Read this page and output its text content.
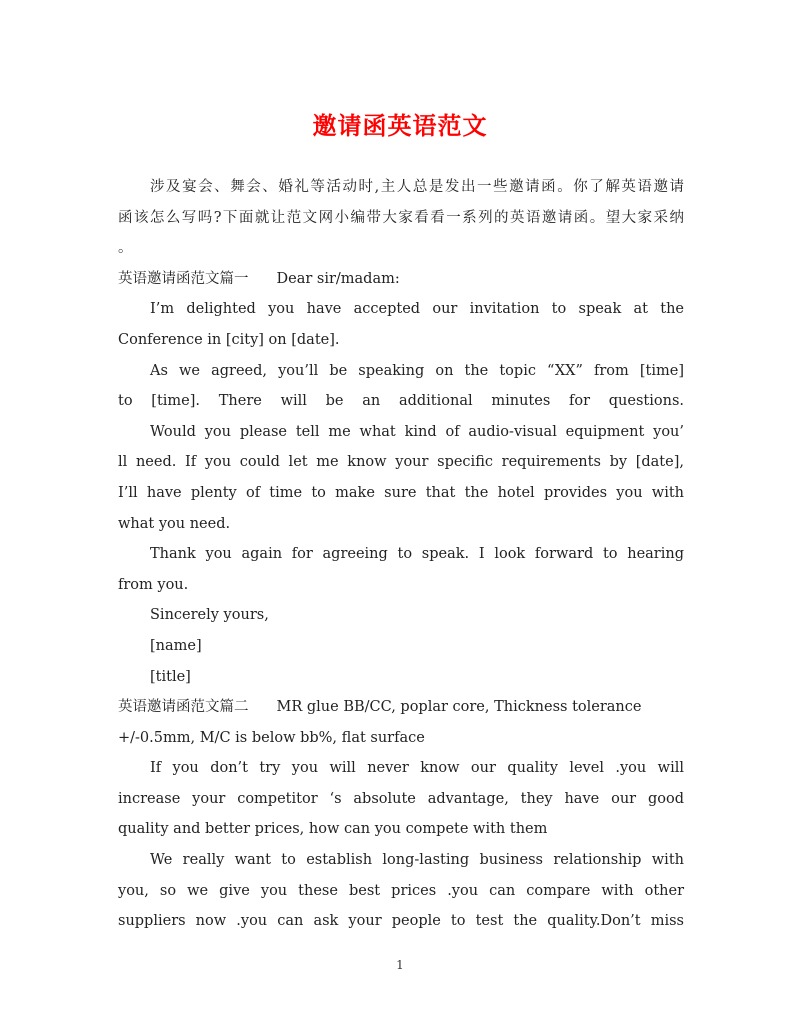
邀请函英语范文
涉及宴会、舞会、婚礼等活动时,主人总是发出一些邀请函。你了解英语邀请
函该怎么写吗?下面就让范文网小编带大家看看一系列的英语邀请函。望大家采纳
。
英语邀请函范文篇一 Dear sir/madam:
I’m delighted you have accepted our invitation to speak at the
Conference in [city] on [date].
As we agreed, you’ll be speaking on the topic “XX” from [time]
to [time]. There will be an additional minutes for questions.
Would you please tell me what kind of audio-visual equipment you’
ll need. If you could let me know your specific requirements by [date],
I’ll have plenty of time to make sure that the hotel provides you with
what you need.
Thank you again for agreeing to speak. I look forward to hearing
from you.
Sincerely yours,
[name]
[title]
英语邀请函范文篇二 MR glue BB/CC, poplar core, Thickness tolerance
+/-0.5mm, M/C is below bb%, flat surface
If you don’t try you will never know our quality level .you will
increase your competitor ‘s absolute advantage, they have our good
quality and better prices, how can you compete with them
We really want to establish long-lasting business relationship with
you, so we give you these best prices .you can compare with other
suppliers now .you can ask your people to test the quality.Don’t miss
1
